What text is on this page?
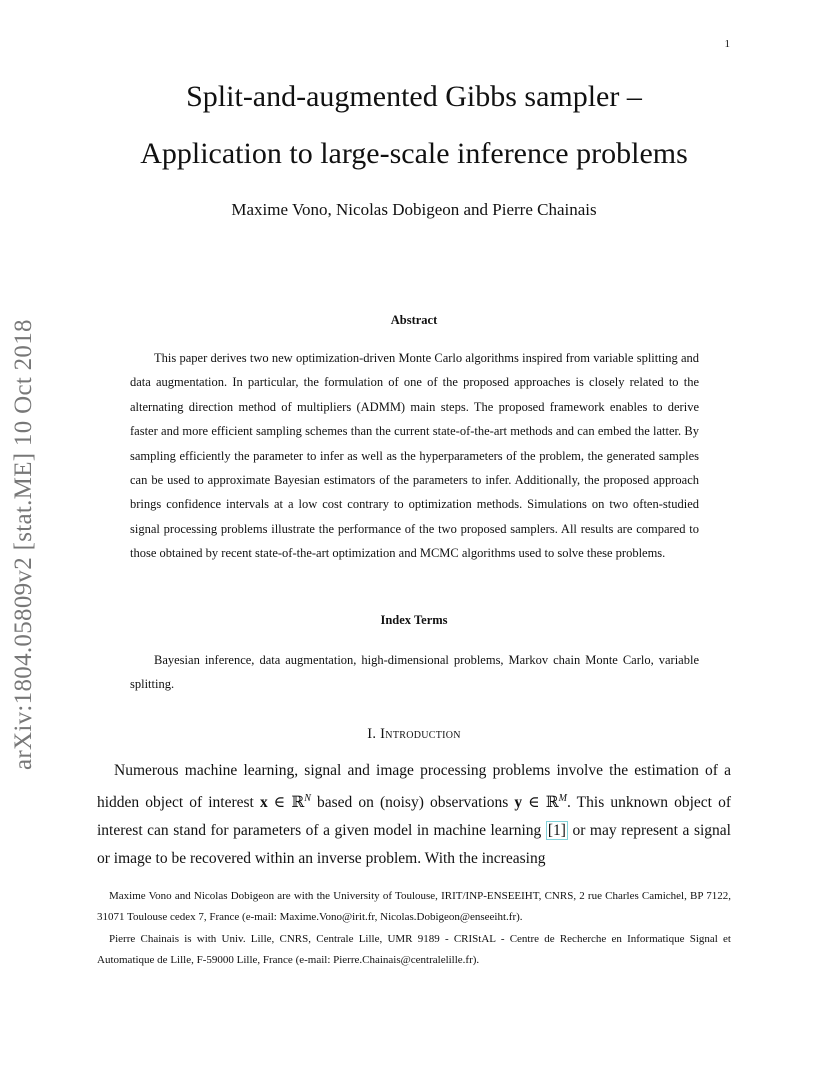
1
arXiv:1804.05809v2 [stat.ME] 10 Oct 2018
Split-and-augmented Gibbs sampler –
Application to large-scale inference problems
Maxime Vono, Nicolas Dobigeon and Pierre Chainais
Abstract

This paper derives two new optimization-driven Monte Carlo algorithms inspired from variable splitting and data augmentation. In particular, the formulation of one of the proposed approaches is closely related to the alternating direction method of multipliers (ADMM) main steps. The proposed framework enables to derive faster and more efficient sampling schemes than the current state-of-the-art methods and can embed the latter. By sampling efficiently the parameter to infer as well as the hyperparameters of the problem, the generated samples can be used to approximate Bayesian estimators of the parameters to infer. Additionally, the proposed approach brings confidence intervals at a low cost contrary to optimization methods. Simulations on two often-studied signal processing problems illustrate the performance of the two proposed samplers. All results are compared to those obtained by recent state-of-the-art optimization and MCMC algorithms used to solve these problems.

Index Terms

Bayesian inference, data augmentation, high-dimensional problems, Markov chain Monte Carlo, variable splitting.

I. Introduction

Numerous machine learning, signal and image processing problems involve the estimation of a hidden object of interest x ∈ ℝ$^N$ based on (noisy) observations y ∈ ℝ$^M$. This unknown object of interest can stand for parameters of a given model in machine learning [1] or may represent a signal or image to be recovered within an inverse problem. With the increasing

Maxime Vono and Nicolas Dobigeon are with the University of Toulouse, IRIT/INP-ENSEEIHT, CNRS, 2 rue Charles Camichel, BP 7122, 31071 Toulouse cedex 7, France (e-mail: Maxime.Vono@irit.fr, Nicolas.Dobigeon@enseeiht.fr).

Pierre Chainais is with Univ. Lille, CNRS, Centrale Lille, UMR 9189 - CRIStAL - Centre de Recherche en Informatique Signal et Automatique de Lille, F-59000 Lille, France (e-mail: Pierre.Chainais@centralelille.fr).
